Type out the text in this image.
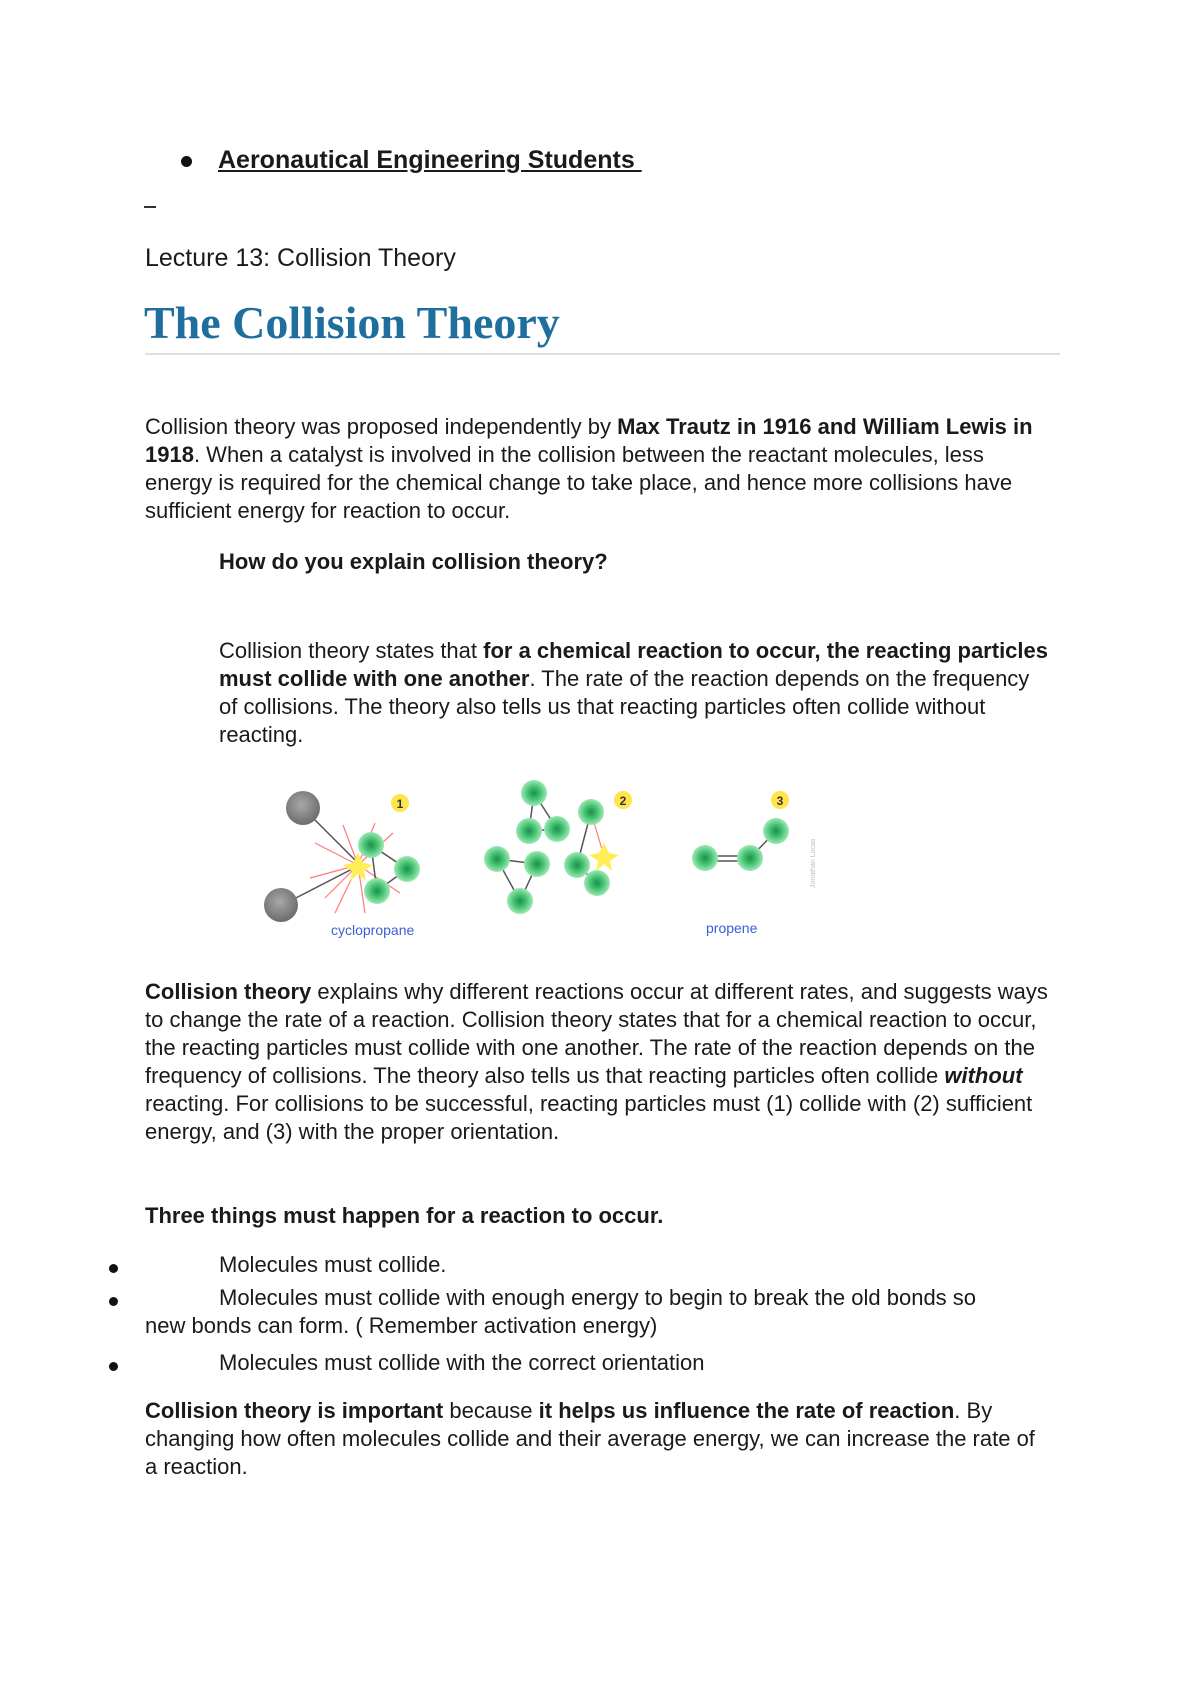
Aeronautical Engineering Students
Lecture 13: Collision Theory
The Collision Theory
Collision theory was proposed independently by Max Trautz in 1916 and William Lewis in 1918. When a catalyst is involved in the collision between the reactant molecules, less energy is required for the chemical change to take place, and hence more collisions have sufficient energy for reaction to occur.
How do you explain collision theory?
Collision theory states that for a chemical reaction to occur, the reacting particles must collide with one another. The rate of the reaction depends on the frequency of collisions. The theory also tells us that reacting particles often collide without reacting.
1
cyclopropane
2	3
propene
Jonathan Lucas
Collision theory explains why different reactions occur at different rates, and suggests ways to change the rate of a reaction. Collision theory states that for a chemical reaction to occur, the reacting particles must collide with one another. The rate of the reaction depends on the frequency of collisions. The theory also tells us that reacting particles often collide without reacting. For collisions to be successful, reacting particles must (1) collide with (2) sufficient energy, and (3) with the proper orientation.
Three things must happen for a reaction to occur.
Molecules must collide.
Molecules must collide with enough energy to begin to break the old bonds so
new bonds can form. ( Remember activation energy)
Molecules must collide with the correct orientation
Collision theory is important because it helps us influence the rate of reaction. By changing how often molecules collide and their average energy, we can increase the rate of a reaction.
